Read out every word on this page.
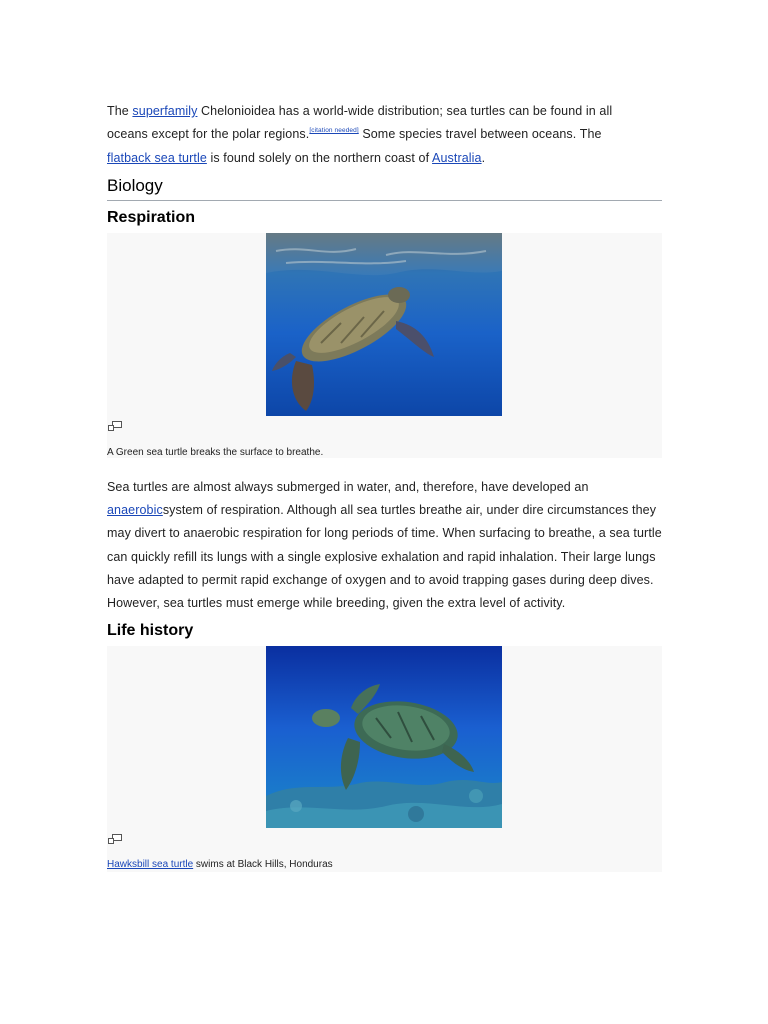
The superfamily Chelonioidea has a world-wide distribution; sea turtles can be found in all oceans except for the polar regions.[citation needed] Some species travel between oceans. The flatback sea turtle is found solely on the northern coast of Australia.

Biology
Respiration
A Green sea turtle breaks the surface to breathe.

Sea turtles are almost always submerged in water, and, therefore, have developed an anaerobicsystem of respiration. Although all sea turtles breathe air, under dire circumstances they may divert to anaerobic respiration for long periods of time. When surfacing to breathe, a sea turtle can quickly refill its lungs with a single explosive exhalation and rapid inhalation. Their large lungs have adapted to permit rapid exchange of oxygen and to avoid trapping gases during deep dives. However, sea turtles must emerge while breeding, given the extra level of activity.

Life history
Hawksbill sea turtle swims at Black Hills, Honduras
